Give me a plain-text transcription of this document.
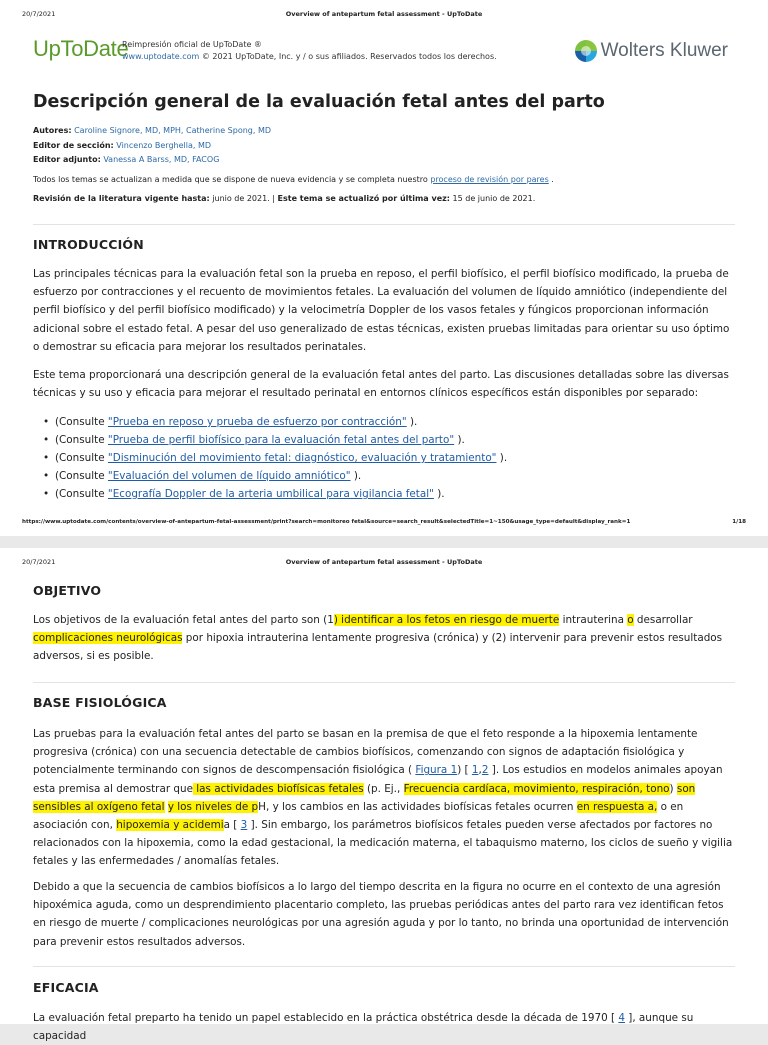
20/7/2021	Overview of antepartum fetal assessment - UpToDate
UpToDate
Reimpresión oficial de UpToDate ®
www.uptodate.com © 2021 UpToDate, Inc. y / o sus afiliados. Reservados todos los derechos.	Wolters Kluwer
Descripción general de la evaluación fetal antes del parto
Autores: Caroline Signore, MD, MPH, Catherine Spong, MD
Editor de sección: Vincenzo Berghella, MD
Editor adjunto: Vanessa A Barss, MD, FACOG
Todos los temas se actualizan a medida que se dispone de nueva evidencia y se completa nuestro proceso de revisión por pares .
Revisión de la literatura vigente hasta: junio de 2021. | Este tema se actualizó por última vez: 15 de junio de 2021.
INTRODUCCIÓN

Las principales técnicas para la evaluación fetal son la prueba en reposo, el perfil biofísico, el perfil biofísico modificado, la prueba de esfuerzo por contracciones y el recuento de movimientos fetales. La evaluación del volumen de líquido amniótico (independiente del perfil biofísico y del perfil biofísico modificado) y la velocimetría Doppler de los vasos fetales y fúngicos proporcionan información adicional sobre el estado fetal. A pesar del uso generalizado de estas técnicas, existen pruebas limitadas para orientar su uso óptimo o demostrar su eficacia para mejorar los resultados perinatales.

Este tema proporcionará una descripción general de la evaluación fetal antes del parto. Las discusiones detalladas sobre las diversas técnicas y su uso y eficacia para mejorar el resultado perinatal en entornos clínicos específicos están disponibles por separado:

• (Consulte "Prueba en reposo y prueba de esfuerzo por contracción" ).
• (Consulte "Prueba de perfil biofísico para la evaluación fetal antes del parto" ).
• (Consulte "Disminución del movimiento fetal: diagnóstico, evaluación y tratamiento" ).
• (Consulte "Evaluación del volumen de líquido amniótico" ).
• (Consulte "Ecografía Doppler de la arteria umbilical para vigilancia fetal" ).
https://www.uptodate.com/contents/overview-of-antepartum-fetal-assessment/print?search=monitoreo fetal&source=search_result&selectedTitle=1~150&usage_type=default&display_rank=1	1/18
20/7/2021	Overview of antepartum fetal assessment - UpToDate
OBJETIVO

Los objetivos de la evaluación fetal antes del parto son (1) identificar a los fetos en riesgo de muerte intrauterina o desarrollar complicaciones neurológicas por hipoxia intrauterina lentamente progresiva (crónica) y (2) intervenir para prevenir estos resultados adversos, si es posible.

BASE FISIOLÓGICA

Las pruebas para la evaluación fetal antes del parto se basan en la premisa de que el feto responde a la hipoxemia lentamente progresiva (crónica) con una secuencia detectable de cambios biofísicos, comenzando con signos de adaptación fisiológica y potencialmente terminando con signos de descompensación fisiológica ( Figura 1) [ 1,2 ]. Los estudios en modelos animales apoyan esta premisa al demostrar que las actividades biofísicas fetales (p. Ej., Frecuencia cardíaca, movimiento, respiración, tono) son sensibles al oxígeno fetal y los niveles de pH, y los cambios en las actividades biofísicas fetales ocurren en respuesta a, o en asociación con, hipoxemia y acidemia [ 3 ]. Sin embargo, los parámetros biofísicos fetales pueden verse afectados por factores no relacionados con la hipoxemia, como la edad gestacional, la medicación materna, el tabaquismo materno, los ciclos de sueño y vigilia fetales y las enfermedades / anomalías fetales.

Debido a que la secuencia de cambios biofísicos a lo largo del tiempo descrita en la figura no ocurre en el contexto de una agresión hipoxémica aguda, como un desprendimiento placentario completo, las pruebas periódicas antes del parto rara vez identifican fetos en riesgo de muerte / complicaciones neurológicas por una agresión aguda y por lo tanto, no brinda una oportunidad de intervención para prevenir estos resultados adversos.

EFICACIA

La evaluación fetal preparto ha tenido un papel establecido en la práctica obstétrica desde la década de 1970 [ 4 ], aunque su capacidad
